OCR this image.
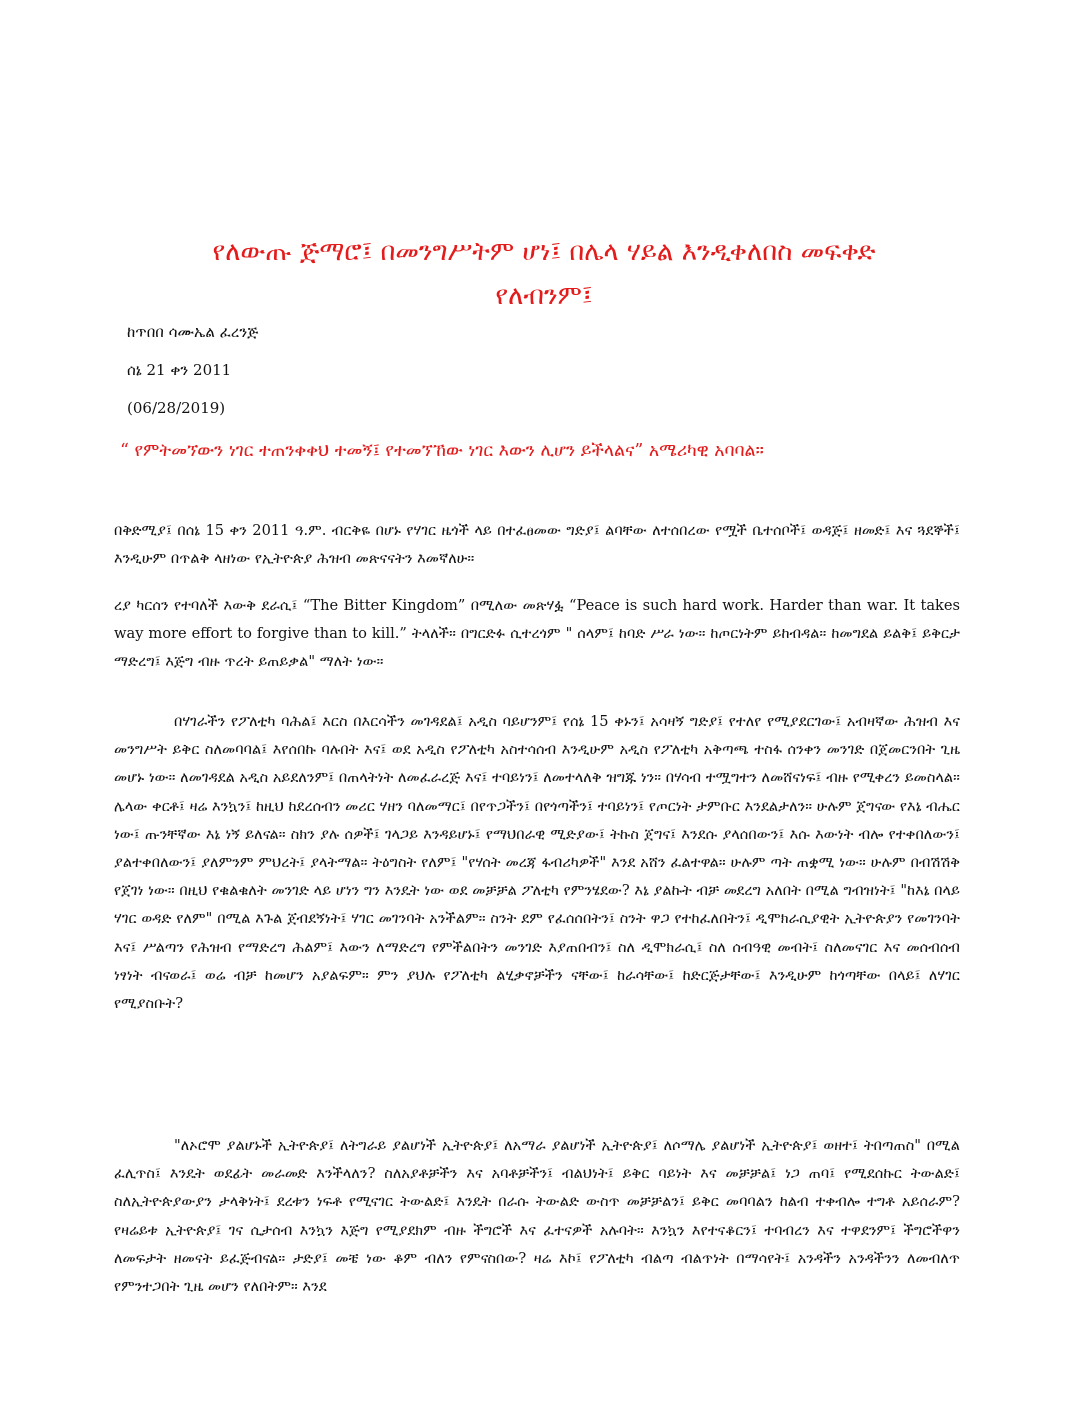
የለውጡ ጅማሮ፤ በመንግሥትም ሆነ፤ በሌላ ሃይል እንዲቀለበስ መፍቀድ
የለብንም፤
ከጥበበ ሳሙኤል ፈረንጅ
ሰኔ 21 ቀን 2011
(06/28/2019)
“ የምትመኘውን ነገር ተጠንቀቀህ ተመኝ፤ የተመኘኸው ነገር እውን ሊሆን ይችላልና” አሜሪካዊ አባባል።

በቅድሚያ፤ በሰኔ 15 ቀን 2011 ዓ.ም. ብርቅዬ በሆኑ የሃገር ዜጎች ላይ በተፈፀመው ግድያ፤ ልባቸው ለተሰበረው የሟች ቤተሰቦች፤ ወዳጅ፤ ዘመድ፤ እና ጓደኞች፤ እንዲሁም በጥልቅ ላዘነው የኢትዮጵያ ሕዝብ መጽናናትን እመኛለሁ።

ረያ ካርሰን የተባለች እውቅ ደራሲ፤ “The Bitter Kingdom” በሚለው መጽሃፏ “Peace is such hard work. Harder than war. It takes way more effort to forgive than to kill.” ትላለች። በግርድፉ ሲተረጎም " ሰላም፤ ከባድ ሥራ ነው። ከጦርነትም ይከብዳል። ከመግደል ይልቅ፤ ይቅርታ ማድረግ፤ እጅግ ብዙ ጥረት ይጠይቃል" ማለት ነው።

በሃገራችን የፖለቲካ ባሕል፤ እርስ በእርሳችን መገዳደል፤ አዲስ ባይሆንም፤ የሰኔ 15 ቀኑን፤ አሳዛኝ ግድያ፤ የተለየ የሚያደርገው፤ አብዛኛው ሕዝብ እና መንግሥት ይቅር ስለመባባል፤ እየሰበኩ ባሉበት እና፤ ወደ አዲስ የፖለቲካ አስተሳሰብ እንዲሁም አዲስ የፖለቲካ አቅጣጫ ተስፋ ሰንቀን መንገድ በጀመርንበት ጊዜ መሆኑ ነው። ለመገዳደል አዲስ አይደለንም፤ በጠላትነት ለመፈራረጅ እና፤ ተባይነን፤ ለመተላለቅ ዝግጁ ነን። በሃሳብ ተሟግተን ለመሸናነፍ፤ ብዙ የሚቀረን ይመስላል። ሌላው ቀርቶ፤ ዛሬ እንኳን፤ ከዚህ ከደረሰብን መሪር ሃዘን ባለመማር፤ በየጥጋችን፤ በየጎጣችን፤ ተባይነን፤ የጦርነት ታምቡር እንደልታለን። ሁሉም ጀግናው የእኔ ብሔር ነው፤ ጡንቸኛው እኔ ነኝ ይለናል። ስክን ያሉ ሰዎች፤ ገላጋይ እንዳይሆኑ፤ የማህበራዊ ሚድያው፤ ትኩስ ጀግና፤ እንደሱ ያላሰበውን፤ እሱ እውነት ብሎ የተቀበለውን፤ ያልተቀበለውን፤ ያለምንም ምህረት፤ ያላትማል። ትዕግስት የለም፤ "የሃሰት መረጃ ፋብሪካዎች" እንደ አሸን ፈልተዋል። ሁሉም ጣት ጠቋሚ ነው። ሁሉም በብሽሽቅ የጀገነ ነው። በዚህ የቁልቁለት መንገድ ላይ ሆነን ግን እንዴት ነው ወደ መቻቻል ፖለቲካ የምንሄደው? እኔ ያልኩት ብቻ መደረግ አለበት በሚል ግብዝነት፤ "ከእኔ በላይ ሃገር ወዳድ የለም" በሚል እጉል ጀብደኝነት፤ ሃገር መገንባት አንችልም። ስንት ደም የፈሰሰበትን፤ ስንት ዋጋ የተከፈለበትን፤ ዲሞክራሲያዊት ኢትዮጵያን የመገንባት እና፤ ሥልጣን የሕዝብ የማድረግ ሕልም፤ እውን ለማድረግ የምችልበትን መንገድ እያጠበብን፤ ስለ ዲሞክራሲ፤ ስለ ሰብዓዊ መብት፤ ስለመናገር እና መሰብሰብ ነፃነት ብናወራ፤ ወሬ ብቻ ከመሆን አያልፍም። ምን ያህሉ የፖለቲካ ልሂቃኖቻችን ናቸው፤ ከራሳቸው፤ ከድርጅታቸው፤ እንዲሁም ከጎጣቸው በላይ፤ ለሃገር የሚያስቡት?

"ለኦሮሞ ያልሆኑች ኢትዮጵያ፤ ለትግራይ ያልሆነች ኢትዮጵያ፤ ለአማራ ያልሆነች ኢትዮጵያ፤ ለሶማሌ ያልሆነች ኢትዮጵያ፤ ወዘተ፤ ትበጣጠስ" በሚል ፈሊጥስ፤ እንዴት ወደፊት መራመድ እንችላለን? ስለአያቶቻችን እና አባቶቻችን፤ ብልህነት፤ ይቅር ባይነት እና መቻቻል፤ ነጋ ጠባ፤ የሚደሰኩር ትውልድ፤ ስለኢትዮጵያውያን ታላቅነት፤ ደረቱን ነፍቶ የሚናገር ትውልድ፤ እንዴት በራሱ ትውልድ ውስጥ መቻቻልን፤ ይቅር መባባልን ከልብ ተቀብሎ ተግቶ አይሰራም? የዛሬይቱ ኢትዮጵያ፤ ገና ሲታሰብ እንኳን እጅግ የሚያደክም ብዙ ችግሮች እና ፈተናዎች አሉባት። እንኳን እየተናቆርን፤ ተባብረን እና ተዋደንም፤ ችግሮችዋን ለመፍታት ዘመናት ይፈጅብናል። ታድያ፤ መቼ ነው ቆም ብለን የምናስበው? ዛሬ እኮ፤ የፖለቲካ ብልጣ ብልጥነት በማሳየት፤ አንዳችን አንዳችንን ለመብለጥ የምንተጋበት ጊዜ መሆን የለበትም። እንደ
